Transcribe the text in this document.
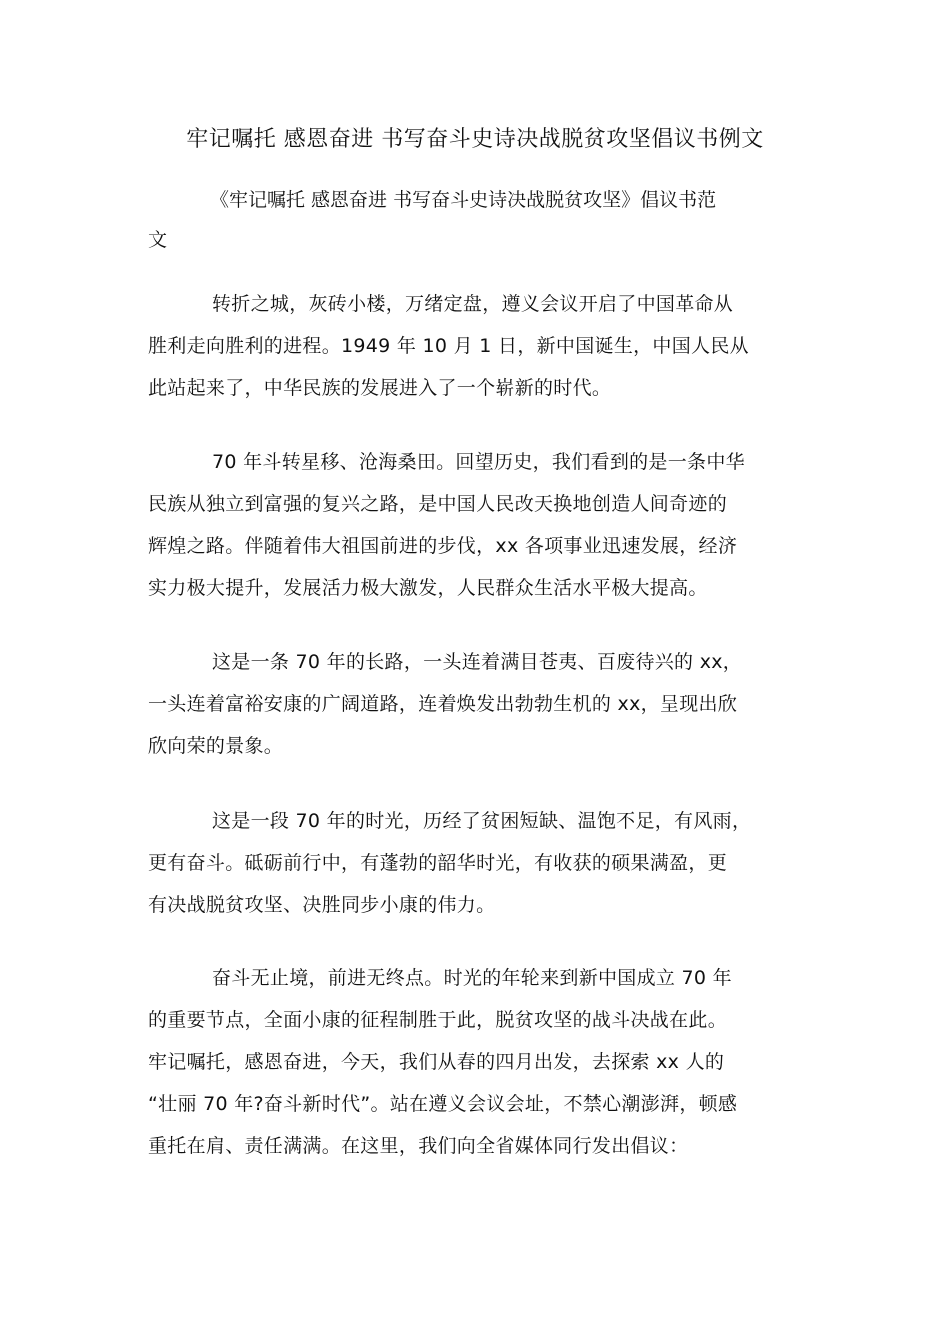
牢记嘱托 感恩奋进 书写奋斗史诗决战脱贫攻坚倡议书例文
《牢记嘱托 感恩奋进 书写奋斗史诗决战脱贫攻坚》倡议书范
文
转折之城，灰砖小楼，万绪定盘，遵义会议开启了中国革命从
胜利走向胜利的进程。1949 年 10 月 1 日，新中国诞生，中国人民从
此站起来了，中华民族的发展进入了一个崭新的时代。
70 年斗转星移、沧海桑田。回望历史，我们看到的是一条中华
民族从独立到富强的复兴之路，是中国人民改天换地创造人间奇迹的
辉煌之路。伴随着伟大祖国前进的步伐，xx 各项事业迅速发展，经济
实力极大提升，发展活力极大激发，人民群众生活水平极大提高。
这是一条 70 年的长路，一头连着满目苍夷、百废待兴的 xx，
一头连着富裕安康的广阔道路，连着焕发出勃勃生机的 xx，呈现出欣
欣向荣的景象。
这是一段 70 年的时光，历经了贫困短缺、温饱不足，有风雨，
更有奋斗。砥砺前行中，有蓬勃的韶华时光，有收获的硕果满盈，更
有决战脱贫攻坚、决胜同步小康的伟力。
奋斗无止境，前进无终点。时光的年轮来到新中国成立 70 年
的重要节点，全面小康的征程制胜于此，脱贫攻坚的战斗决战在此。
牢记嘱托，感恩奋进，今天，我们从春的四月出发，去探索 xx 人的
“壮丽 70 年?奋斗新时代”。站在遵义会议会址，不禁心潮澎湃，顿感
重托在肩、责任满满。在这里，我们向全省媒体同行发出倡议：
